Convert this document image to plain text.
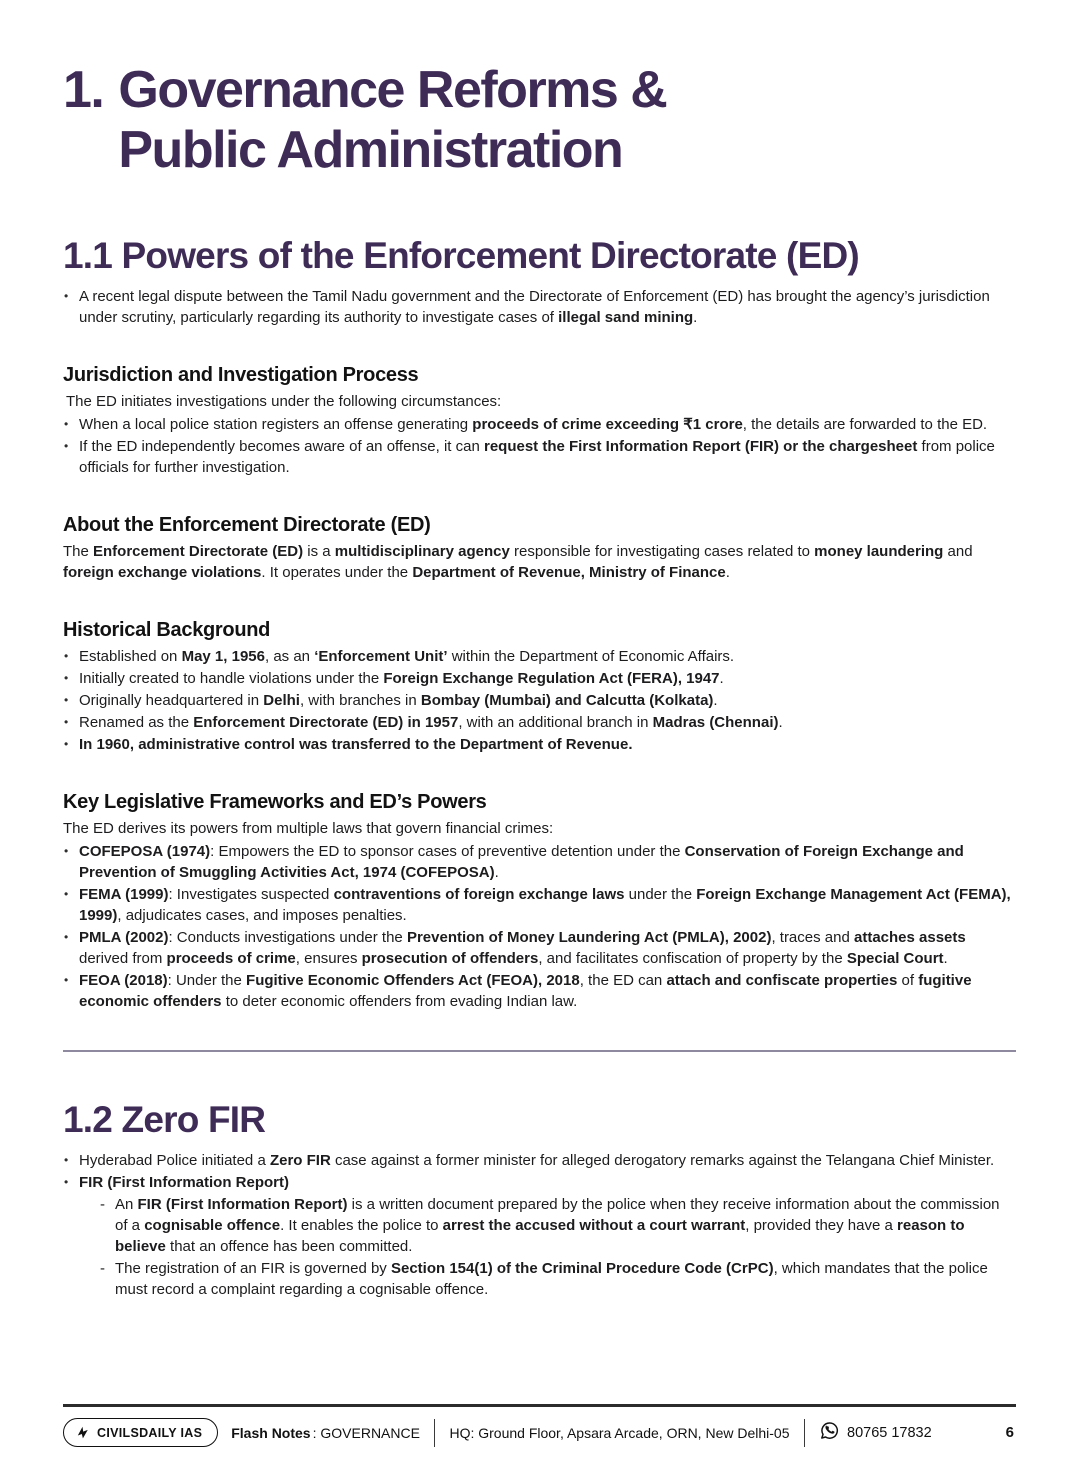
1. Governance Reforms &
Public Administration
1.1 Powers of the Enforcement Directorate (ED)
• A recent legal dispute between the Tamil Nadu government and the Directorate of Enforcement (ED) has brought the agency’s jurisdiction under scrutiny, particularly regarding its authority to investigate cases of illegal sand mining.
Jurisdiction and Investigation Process

The ED initiates investigations under the following circumstances:

• When a local police station registers an offense generating proceeds of crime exceeding ₹1 crore, the details are forwarded to the ED.
• If the ED independently becomes aware of an offense, it can request the First Information Report (FIR) or the chargesheet from police officials for further investigation.
About the Enforcement Directorate (ED)

The Enforcement Directorate (ED) is a multidisciplinary agency responsible for investigating cases related to money laundering and foreign exchange violations. It operates under the Department of Revenue, Ministry of Finance.

Historical Background
• Established on May 1, 1956, as an ‘Enforcement Unit’ within the Department of Economic Affairs.
• Initially created to handle violations under the Foreign Exchange Regulation Act (FERA), 1947.
• Originally headquartered in Delhi, with branches in Bombay (Mumbai) and Calcutta (Kolkata).
• Renamed as the Enforcement Directorate (ED) in 1957, with an additional branch in Madras (Chennai).
• In 1960, administrative control was transferred to the Department of Revenue.
Key Legislative Frameworks and ED’s Powers

The ED derives its powers from multiple laws that govern financial crimes:

• COFEPOSA (1974): Empowers the ED to sponsor cases of preventive detention under the Conservation of Foreign Exchange and Prevention of Smuggling Activities Act, 1974 (COFEPOSA).
• FEMA (1999): Investigates suspected contraventions of foreign exchange laws under the Foreign Exchange Management Act (FEMA), 1999), adjudicates cases, and imposes penalties.
• PMLA (2002): Conducts investigations under the Prevention of Money Laundering Act (PMLA), 2002), traces and attaches assets derived from proceeds of crime, ensures prosecution of offenders, and facilitates confiscation of property by the Special Court.
• FEOA (2018): Under the Fugitive Economic Offenders Act (FEOA), 2018, the ED can attach and confiscate properties of fugitive economic offenders to deter economic offenders from evading Indian law.
1.2 Zero FIR
• Hyderabad Police initiated a Zero FIR case against a former minister for alleged derogatory remarks against the Telangana Chief Minister.
• FIR (First Information Report)
- An FIR (First Information Report) is a written document prepared by the police when they receive information about the commission of a cognisable offence. It enables the police to arrest the accused without a court warrant, provided they have a reason to believe that an offence has been committed.
- The registration of an FIR is governed by Section 154(1) of the Criminal Procedure Code (CrPC), which mandates that the police must record a complaint regarding a cognisable offence.
CIVILSDAILY IAS Flash Notes : GOVERNANCE HQ: Ground Floor, Apsara Arcade, ORN, New Delhi-05	80765 17832	6
